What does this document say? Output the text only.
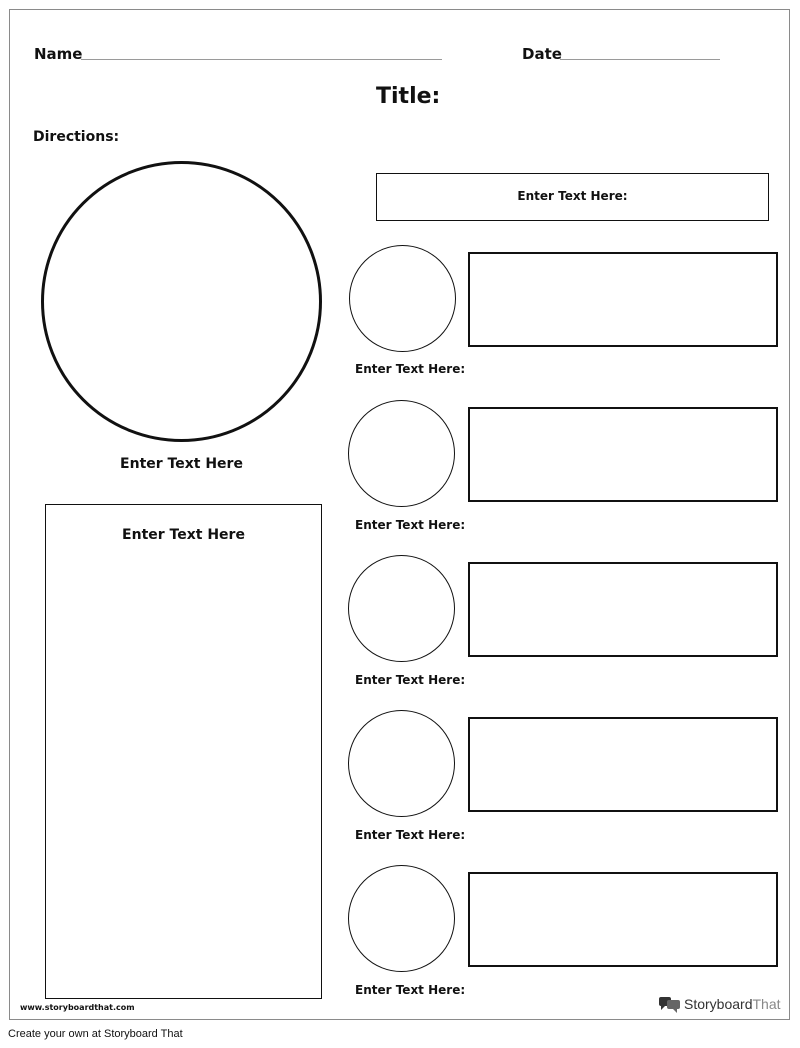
Name	Date
Title:
Directions:
Enter Text Here
Enter Text Here
Enter Text Here:
Enter Text Here:
Enter Text Here:
Enter Text Here:
Enter Text Here:
Enter Text Here:
www.storyboardthat.com	StoryboardThat
Create your own at Storyboard That
